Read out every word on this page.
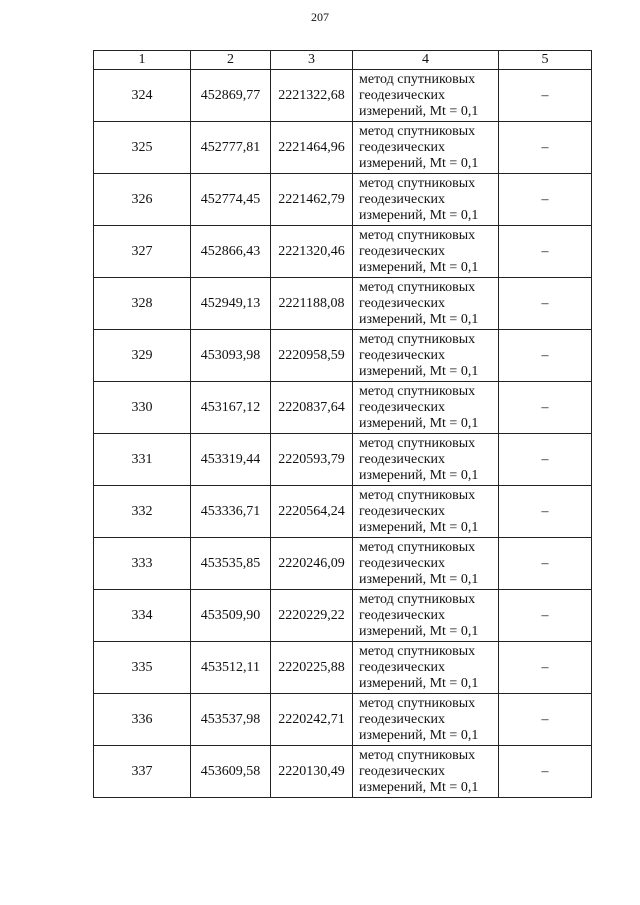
207
1	2	3	4	5
324	452869,77	2221322,68	метод спутниковых
геодезических
измерений, Mt = 0,1	–
325	452777,81	2221464,96	метод спутниковых
геодезических
измерений, Mt = 0,1	–
326	452774,45	2221462,79	метод спутниковых
геодезических
измерений, Mt = 0,1	–
327	452866,43	2221320,46	метод спутниковых
геодезических
измерений, Mt = 0,1	–
328	452949,13	2221188,08	метод спутниковых
геодезических
измерений, Mt = 0,1	–
329	453093,98	2220958,59	метод спутниковых
геодезических
измерений, Mt = 0,1	–
330	453167,12	2220837,64	метод спутниковых
геодезических
измерений, Mt = 0,1	–
331	453319,44	2220593,79	метод спутниковых
геодезических
измерений, Mt = 0,1	–
332	453336,71	2220564,24	метод спутниковых
геодезических
измерений, Mt = 0,1	–
333	453535,85	2220246,09	метод спутниковых
геодезических
измерений, Mt = 0,1	–
334	453509,90	2220229,22	метод спутниковых
геодезических
измерений, Mt = 0,1	–
335	453512,11	2220225,88	метод спутниковых
геодезических
измерений, Mt = 0,1	–
336	453537,98	2220242,71	метод спутниковых
геодезических
измерений, Mt = 0,1	–
337	453609,58	2220130,49	метод спутниковых
геодезических
измерений, Mt = 0,1	–
